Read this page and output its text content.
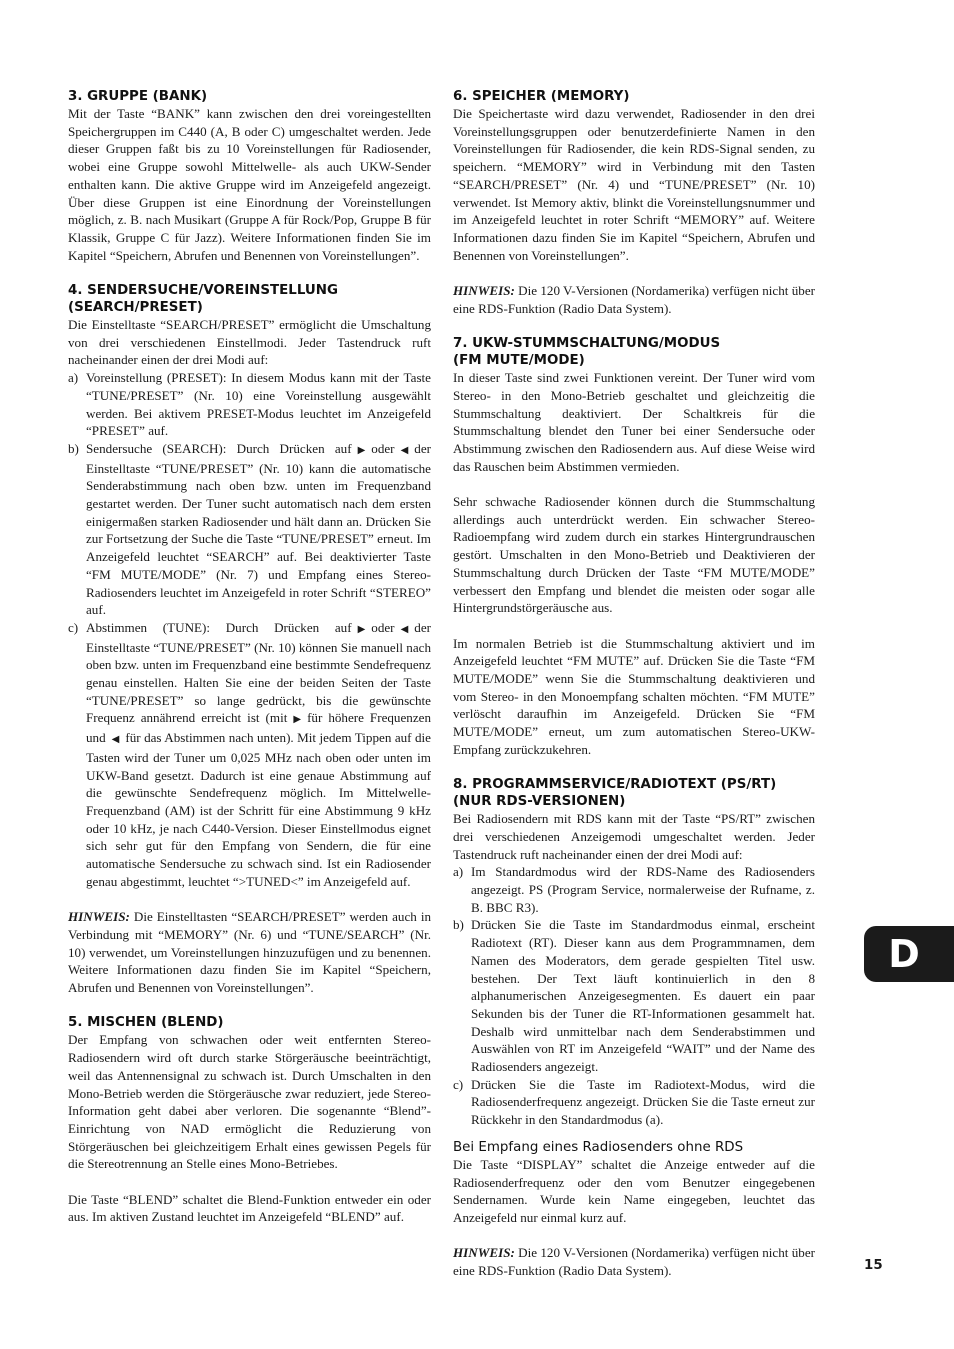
3. GRUPPE (BANK)

Mit der Taste “BANK” kann zwischen den drei voreingestellten Speichergruppen im C440 (A, B oder C) umgeschaltet werden. Jede dieser Gruppen faßt bis zu 10 Voreinstellungen für Radiosender, wobei eine Gruppe sowohl Mittelwelle- als auch UKW-Sender enthalten kann. Die aktive Gruppe wird im Anzeigefeld angezeigt. Über diese Gruppen ist eine Einordnung der Voreinstellungen möglich, z. B. nach Musikart (Gruppe A für Rock/Pop, Gruppe B für Klassik, Gruppe C für Jazz). Weitere Informationen finden Sie im Kapitel “Speichern, Abrufen und Benennen von Voreinstellungen”.

4. SENDERSUCHE/VOREINSTELLUNG
(SEARCH/PRESET)

Die Einstelltaste “SEARCH/PRESET” ermöglicht die Umschaltung von drei verschiedenen Einstellmodi. Jeder Tastendruck ruft nacheinander einen der drei Modi auf:

a) Voreinstellung (PRESET): In diesem Modus kann mit der Taste “TUNE/PRESET” (Nr. 10) eine Voreinstellung ausgewählt werden. Bei aktivem PRESET-Modus leuchtet im Anzeigefeld “PRESET” auf.

b) Sendersuche (SEARCH): Durch Drücken auf ▶ oder ◀ der Einstelltaste “TUNE/PRESET” (Nr. 10) kann die automatische Senderabstimmung nach oben bzw. unten im Frequenzband gestartet werden. Der Tuner sucht automatisch nach dem ersten einigermaßen starken Radiosender und hält dann an. Drücken Sie zur Fortsetzung der Suche die Taste “TUNE/PRESET” erneut. Im Anzeigefeld leuchtet “SEARCH” auf. Bei deaktivierter Taste “FM MUTE/MODE” (Nr. 7) und Empfang eines Stereo-Radiosenders leuchtet im Anzeigefeld in roter Schrift “STEREO” auf.

c) Abstimmen (TUNE): Durch Drücken auf ▶ oder ◀ der Einstelltaste “TUNE/PRESET” (Nr. 10) können Sie manuell nach oben bzw. unten im Frequenzband eine bestimmte Sendefrequenz genau einstellen. Halten Sie eine der beiden Seiten der Taste “TUNE/PRESET” so lange gedrückt, bis die gewünschte Frequenz annährend erreicht ist (mit ▶ für höhere Frequenzen und ◀ für das Abstimmen nach unten). Mit jedem Tippen auf die Tasten wird der Tuner um 0,025 MHz nach oben oder unten im UKW-Band gesetzt. Dadurch ist eine genaue Abstimmung auf die gewünschte Sendefrequenz möglich. Im Mittelwelle-Frequenzband (AM) ist der Schritt für eine Abstimmung 9 kHz oder 10 kHz, je nach C440-Version. Dieser Einstellmodus eignet sich sehr gut für den Empfang von Sendern, die für eine automatische Sendersuche zu schwach sind. Ist ein Radiosender genau abgestimmt, leuchtet “>TUNED<” im Anzeigefeld auf.

HINWEIS: Die Einstelltasten “SEARCH/PRESET” werden auch in Verbindung mit “MEMORY” (Nr. 6) und “TUNE/SEARCH” (Nr. 10) verwendet, um Voreinstellungen hinzuzufügen und zu benennen. Weitere Informationen dazu finden Sie im Kapitel “Speichern, Abrufen und Benennen von Voreinstellungen”.

5. MISCHEN (BLEND)

Der Empfang von schwachen oder weit entfernten Stereo-Radiosendern wird oft durch starke Störgeräusche beeinträchtigt, weil das Antennensignal zu schwach ist. Durch Umschalten in den Mono-Betrieb werden die Störgeräusche zwar reduziert, jede Stereo-Information geht dabei aber verloren. Die sogenannte “Blend”-Einrichtung von NAD ermöglicht die Reduzierung von Störgeräuschen bei gleichzeitigem Erhalt eines gewissen Pegels für die Stereotrennung an Stelle eines Mono-Betriebes.

Die Taste “BLEND” schaltet die Blend-Funktion entweder ein oder aus. Im aktiven Zustand leuchtet im Anzeigefeld “BLEND” auf.

6. SPEICHER (MEMORY)

Die Speichertaste wird dazu verwendet, Radiosender in den drei Voreinstellungsgruppen oder benutzerdefinierte Namen in den Voreinstellungen für Radiosender, die kein RDS-Signal senden, zu speichern. “MEMORY” wird in Verbindung mit den Tasten “SEARCH/PRESET” (Nr. 4) und “TUNE/PRESET” (Nr. 10) verwendet. Ist Memory aktiv, blinkt die Voreinstellungsnummer und im Anzeigefeld leuchtet in roter Schrift “MEMORY” auf. Weitere Informationen dazu finden Sie im Kapitel “Speichern, Abrufen und Benennen von Voreinstellungen”.

HINWEIS: Die 120 V-Versionen (Nordamerika) verfügen nicht über eine RDS-Funktion (Radio Data System).

7. UKW-STUMMSCHALTUNG/MODUS
(FM MUTE/MODE)

In dieser Taste sind zwei Funktionen vereint. Der Tuner wird vom Stereo- in den Mono-Betrieb geschaltet und gleichzeitig die Stummschaltung deaktiviert. Der Schaltkreis für die Stummschaltung blendet den Tuner bei einer Sendersuche oder Abstimmung zwischen den Radiosendern aus. Auf diese Weise wird das Rauschen beim Abstimmen vermieden.

Sehr schwache Radiosender können durch die Stummschaltung allerdings auch unterdrückt werden. Ein schwacher Stereo-Radioempfang wird zudem durch ein starkes Hintergrundrauschen gestört. Umschalten in den Mono-Betrieb und Deaktivieren der Stummschaltung durch Drücken der Taste “FM MUTE/MODE” verbessert den Empfang und blendet die meisten oder sogar alle Hintergrundstörgeräusche aus.

Im normalen Betrieb ist die Stummschaltung aktiviert und im Anzeigefeld leuchtet “FM MUTE” auf. Drücken Sie die Taste “FM MUTE/MODE” wenn Sie die Stummschaltung deaktivieren und vom Stereo- in den Monoempfang schalten möchten. “FM MUTE” verlöscht daraufhin im Anzeigefeld. Drücken Sie “FM MUTE/MODE” erneut, um zum automatischen Stereo-UKW-Empfang zurückzukehren.

8. PROGRAMMSERVICE/RADIOTEXT (PS/RT)
(NUR RDS-VERSIONEN)

Bei Radiosendern mit RDS kann mit der Taste “PS/RT” zwischen drei verschiedenen Anzeigemodi umgeschaltet werden. Jeder Tastendruck ruft nacheinander einen der drei Modi auf:

a) Im Standardmodus wird der RDS-Name des Radiosenders angezeigt. PS (Program Service, normalerweise der Rufname, z. B. BBC R3).

b) Drücken Sie die Taste im Standardmodus einmal, erscheint Radiotext (RT). Dieser kann aus dem Programmnamen, dem Namen des Moderators, dem gerade gespielten Titel usw. bestehen. Der Text läuft kontinuierlich in den 8 alphanumerischen Anzeigesegmenten. Es dauert ein paar Sekunden bis der Tuner die RT-Informationen gesammelt hat. Deshalb wird unmittelbar nach dem Senderabstimmen und Auswählen von RT im Anzeigefeld “WAIT” und der Name des Radiosenders angezeigt.

c) Drücken Sie die Taste im Radiotext-Modus, wird die Radiosenderfrequenz angezeigt. Drücken Sie die Taste erneut zur Rückkehr in den Standardmodus (a).

Bei Empfang eines Radiosenders ohne RDS

Die Taste “DISPLAY” schaltet die Anzeige entweder auf die Radiosenderfrequenz oder den vom Benutzer eingegebenen Sendernamen. Wurde kein Name eingegeben, leuchtet das Anzeigefeld nur einmal kurz auf.

HINWEIS: Die 120 V-Versionen (Nordamerika) verfügen nicht über eine RDS-Funktion (Radio Data System).

D
15
